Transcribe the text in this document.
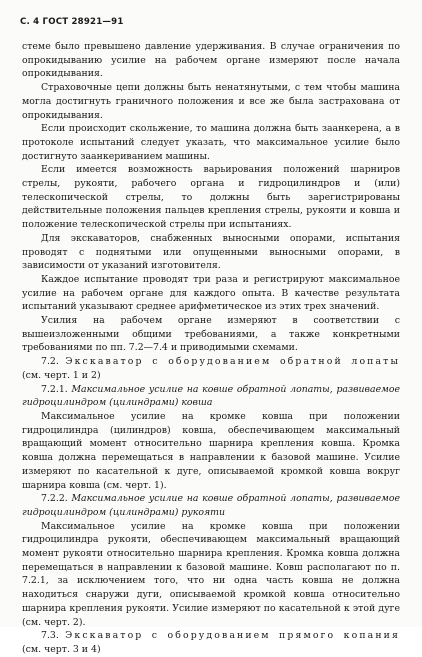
С. 4 ГОСТ 28921—91

стеме было превышено давление удерживания. В случае ограничения по опрокидыванию усилие на рабочем органе измеряют после начала опрокидывания.

Страховочные цепи должны быть ненатянутыми, с тем чтобы машина могла достигнуть граничного положения и все же была застрахована от опрокидывания.

Если происходит скольжение, то машина должна быть заанкерена, а в протоколе испытаний следует указать, что максимальное усилие было достигнуто заанкериванием машины.

Если имеется возможность варьирования положений шарниров стрелы, рукояти, рабочего органа и гидроцилиндров и (или) телескопической стрелы, то должны быть зарегистрированы действительные положения пальцев крепления стрелы, рукояти и ковша и положение телескопической стрелы при испытаниях.

Для экскаваторов, снабженных выносными опорами, испытания проводят с поднятыми или опущенными выносными опорами, в зависимости от указаний изготовителя.

Каждое испытание проводят три раза и регистрируют максимальное усилие на рабочем органе для каждого опыта. В качестве результата испытаний указывают среднее арифметическое из этих трех значений.

Усилия на рабочем органе измеряют в соответствии с вышеизложенными общими требованиями, а также конкретными требованиями по пп. 7.2—7.4 и приводимыми схемами.

7.2. Экскаватор с оборудованием обратной лопаты (см. черт. 1 и 2)

7.2.1. Максимальное усилие на ковше обратной лопаты, развиваемое гидроцилиндром (цилиндрами) ковша

Максимальное усилие на кромке ковша при положении гидроцилиндра (цилиндров) ковша, обеспечивающем максимальный вращающий момент относительно шарнира крепления ковша. Кромка ковша должна перемещаться в направлении к базовой машине. Усилие измеряют по касательной к дуге, описываемой кромкой ковша вокруг шарнира ковша (см. черт. 1).

7.2.2. Максимальное усилие на ковше обратной лопаты, развиваемое гидроцилиндром (цилиндрами) рукояти

Максимальное усилие на кромке ковша при положении гидроцилиндра рукояти, обеспечивающем максимальный вращающий момент рукояти относительно шарнира крепления. Кромка ковша должна перемещаться в направлении к базовой машине. Ковш располагают по п. 7.2.1, за исключением того, что ни одна часть ковша не должна находиться снаружи дуги, описываемой кромкой ковша относительно шарнира крепления рукояти. Усилие измеряют по касательной к этой дуге (см. черт. 2).

7.3. Экскаватор с оборудованием прямого копания (см. черт. 3 и 4)
